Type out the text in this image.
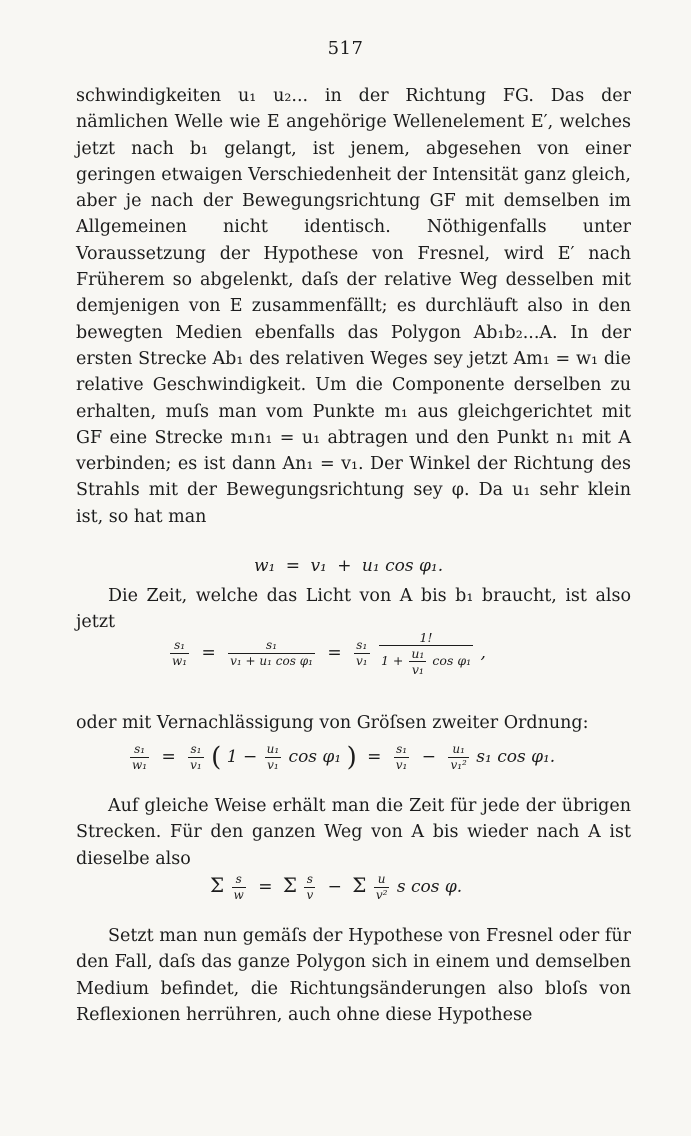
517
schwindigkeiten u₁ u₂... in der Richtung FG. Das der nämlichen Welle wie E angehörige Wellenelement E′, welches jetzt nach b₁ gelangt, ist jenem, abgesehen von einer geringen etwaigen Verschiedenheit der Intensität ganz gleich, aber je nach der Bewegungsrichtung GF mit demselben im Allgemeinen nicht identisch. Nöthigenfalls unter Voraussetzung der Hypothese von Fresnel, wird E′ nach Früherem so abgelenkt, daſs der relative Weg desselben mit demjenigen von E zusammenfällt; es durchläuft also in den bewegten Medien ebenfalls das Polygon Ab₁b₂...A. In der ersten Strecke Ab₁ des relativen Weges sey jetzt Am₁ = w₁ die relative Geschwindigkeit. Um die Componente derselben zu erhalten, muſs man vom Punkte m₁ aus gleichgerichtet mit GF eine Strecke m₁n₁ = u₁ abtragen und den Punkt n₁ mit A verbinden; es ist dann An₁ = v₁. Der Winkel der Richtung des Strahls mit der Bewegungsrichtung sey φ. Da u₁ sehr klein ist, so hat man
w₁ = v₁ + u₁ cos φ₁.
Die Zeit, welche das Licht von A bis b₁ braucht, ist also jetzt
$\frac{\text{s₁}}{\text{w₁}} = \frac{\text{s₁}}{\text{v₁ + u₁ cos φ₁}} = \frac{\text{s₁}}{\text{v₁}}$
$\frac{1!}{1 + \frac{\text{u₁}}{\text{v₁}} \cos \varphi_1}$ ,
oder mit Vernachlässigung von Gröſsen zweiter Ordnung:
$\frac{\text{s₁}}{\text{w₁}} = \frac{\text{s₁}}{\text{v₁}}$ ( $1 - \frac{\text{u₁}}{\text{v₁}}$ cos φ₁ ) = $\frac{\text{s₁}}{\text{v₁}} - \frac{\text{u₁}}{\text{v₁²}} s_1$ cos φ₁.
Auf gleiche Weise erhält man die Zeit für jede der übrigen Strecken. Für den ganzen Weg von A bis wieder nach A ist dieselbe also
Σ $\frac{s}{w} = \Sigma \frac{s}{v} - \Sigma \frac{u}{\text{v²}}$ s cos φ.
Setzt man nun gemäſs der Hypothese von Fresnel oder für den Fall, daſs das ganze Polygon sich in einem und demselben Medium befindet, die Richtungsänderungen also bloſs von Reflexionen herrühren, auch ohne diese Hypothese
